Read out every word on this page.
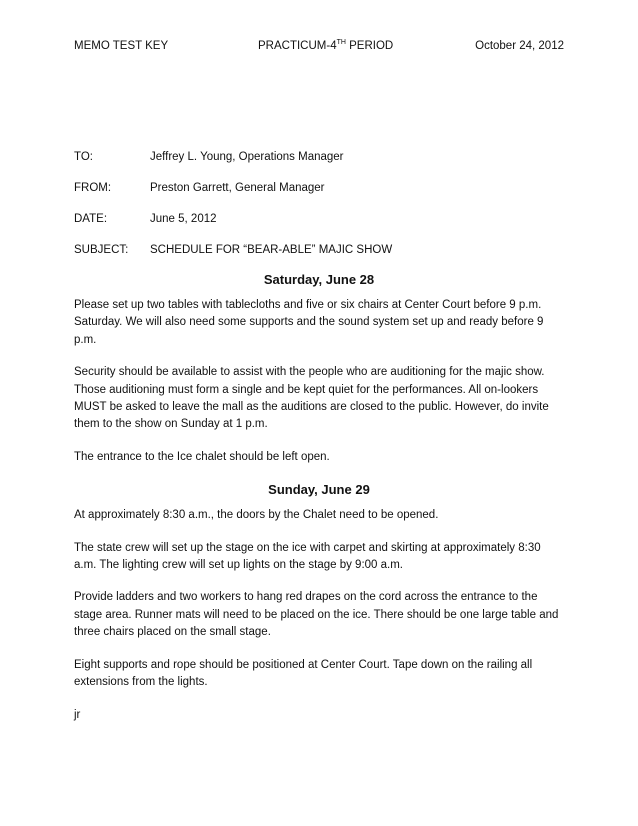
MEMO TEST KEY	PRACTICUM-4TH PERIOD	October 24, 2012
TO:	Jeffrey L. Young, Operations Manager
FROM:	Preston Garrett, General Manager
DATE:	June 5, 2012
SUBJECT: SCHEDULE FOR “BEAR-ABLE” MAJIC SHOW
Saturday, June 28

Please set up two tables with tablecloths and five or six chairs at Center Court before 9 p.m. Saturday. We will also need some supports and the sound system set up and ready before 9 p.m.

Security should be available to assist with the people who are auditioning for the majic show. Those auditioning must form a single and be kept quiet for the performances. All on-lookers MUST be asked to leave the mall as the auditions are closed to the public. However, do invite them to the show on Sunday at 1 p.m.

The entrance to the Ice chalet should be left open.

Sunday, June 29

At approximately 8:30 a.m., the doors by the Chalet need to be opened.

The state crew will set up the stage on the ice with carpet and skirting at approximately 8:30 a.m. The lighting crew will set up lights on the stage by 9:00 a.m.

Provide ladders and two workers to hang red drapes on the cord across the entrance to the stage area. Runner mats will need to be placed on the ice. There should be one large table and three chairs placed on the small stage.

Eight supports and rope should be positioned at Center Court. Tape down on the railing all extensions from the lights.

jr
